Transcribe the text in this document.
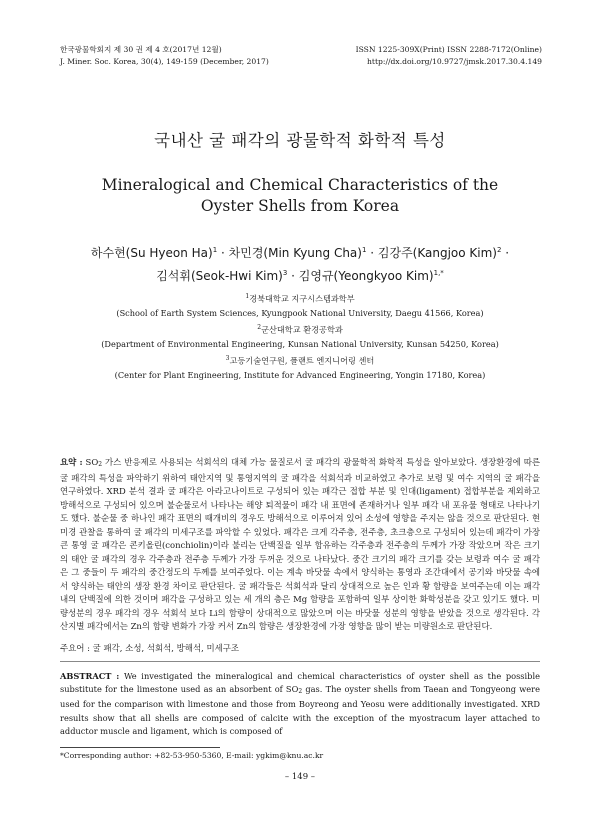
한국광물학회지 제 30 권 제 4 호(2017년 12월)	ISSN 1225-309X(Print) ISSN 2288-7172(Online)
J. Miner. Soc. Korea, 30(4), 149-159 (December, 2017)	http://dx.doi.org/10.9727/jmsk.2017.30.4.149
국내산 굴 패각의 광물학적 화학적 특성
Mineralogical and Chemical Characteristics of the
Oyster Shells from Korea
하수현(Su Hyeon Ha)$^1$ · 차민경(Min Kyung Cha)$^1$ · 김강주(Kangjoo Kim)$^2$ ·
김석휘(Seok-Hwi Kim)$^3$ · 김영규(Yeongkyoo Kim)$^{1,*}$
$^1$경북대학교 지구시스템과학부
(School of Earth System Sciences, Kyungpook National University, Daegu 41566, Korea)
$^2$군산대학교 환경공학과
(Department of Environmental Engineering, Kunsan National University, Kunsan 54250, Korea)
$^3$고등기술연구원, 플랜트 엔지니어링 센터
(Center for Plant Engineering, Institute for Advanced Engineering, Yongin 17180, Korea)
요약 : SO2 가스 반응제로 사용되는 석회석의 대체 가능 물질로서 굴 패각의 광물학적 화학적 특성을 알아보았다. 생장환경에 따른 굴 패각의 특성을 파악하기 위하여 태안지역 및 통영지역의 굴 패각을 석회석과 비교하였고 추가로 보령 및 여수 지역의 굴 패각을 연구하였다. XRD 분석 결과 굴 패각은 아라고나이트로 구성되어 있는 패각근 접합 부분 및 인대(ligament) 접합부분을 제외하고 방해석으로 구성되어 있으며 불순물로서 나타나는 해양 퇴적물이 패각 내 표면에 존재하거나 일부 패각 내 포유물 형태로 나타나기도 했다. 불순물 중 하나인 패각 표면의 때개비의 경우도 방해석으로 이루어져 있어 소성에 영향을 주지는 않을 것으로 판단된다. 현미경 관찰을 통하여 굴 패각의 미세구조를 파악할 수 있었다. 패각은 크게 각주층, 전주층, 초크층으로 구성되어 있는데 패각이 가장 큰 통영 굴 패각은 콘키올린(conchiolin)이라 불리는 단백질을 일부 함유하는 각주층과 전주층의 두께가 가장 작았으며 작은 크기의 태안 굴 패각의 경우 각주층과 전주층 두께가 가장 두꺼운 것으로 나타났다. 중간 크기의 패각 크기를 갖는 보령과 여수 굴 패각은 그 중들이 두 패각의 중간정도의 두께를 보여주었다. 이는 계속 바닷물 속에서 양식하는 통영과 조간대에서 공기와 바닷물 속에서 양식하는 태안의 생장 환경 차이로 판단된다. 굴 패각들은 석회석과 달리 상대적으로 높은 인과 황 함량을 보여주는데 이는 패각 내의 단백질에 의한 것이며 패각을 구성하고 있는 세 개의 층은 Mg 함량을 포함하여 일부 상이한 화학성분을 갖고 있기도 했다. 미량성분의 경우 패각의 경우 석회석 보다 Li의 함량이 상대적으로 많았으며 이는 바닷물 성분의 영향을 받았을 것으로 생각된다. 각 산지별 패각에서는 Zn의 함량 변화가 가장 커서 Zn의 함량은 생장환경에 가장 영향을 많이 받는 미량원소로 판단된다.
주요어 : 굴 패각, 소성, 석회석, 방해석, 미세구조
ABSTRACT : We investigated the mineralogical and chemical characteristics of oyster shell as the possible substitute for the limestone used as an absorbent of SO2 gas. The oyster shells from Taean and Tongyeong were used for the comparison with limestone and those from Boyreong and Yeosu were additionally investigated. XRD results show that all shells are composed of calcite with the exception of the myostracum layer attached to adductor muscle and ligament, which is composed of
*Corresponding author: +82-53-950-5360, E-mail: ygkim@knu.ac.kr
– 149 –
